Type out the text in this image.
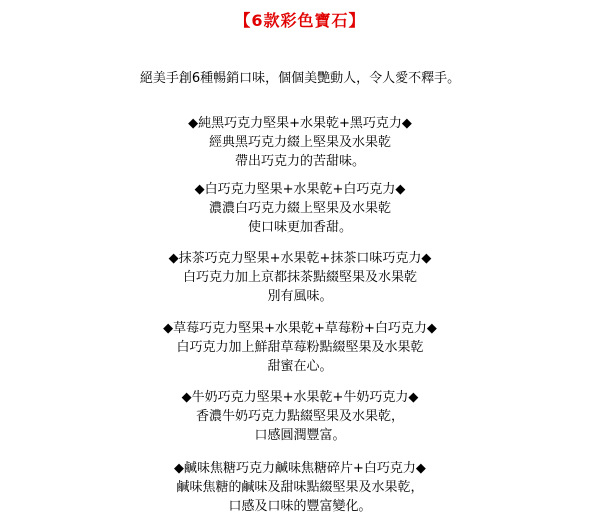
【6款彩色寶石】
絕美手創6種暢銷口味，個個美艷動人，令人愛不釋手。
◆純黑巧克力堅果+水果乾+黑巧克力◆
經典黑巧克力綴上堅果及水果乾
帶出巧克力的苦甜味。
◆白巧克力堅果+水果乾+白巧克力◆
濃濃白巧克力綴上堅果及水果乾
使口味更加香甜。
◆抹茶巧克力堅果+水果乾+抹茶口味巧克力◆
白巧克力加上京都抹茶點綴堅果及水果乾
別有風味。
◆草莓巧克力堅果+水果乾+草莓粉+白巧克力◆
白巧克力加上鮮甜草莓粉點綴堅果及水果乾
甜蜜在心。
◆牛奶巧克力堅果+水果乾+牛奶巧克力◆
香濃牛奶巧克力點綴堅果及水果乾，
口感圓潤豐富。
◆鹹味焦糖巧克力鹹味焦糖碎片+白巧克力◆
鹹味焦糖的鹹味及甜味點綴堅果及水果乾，
口感及口味的豐富變化。
